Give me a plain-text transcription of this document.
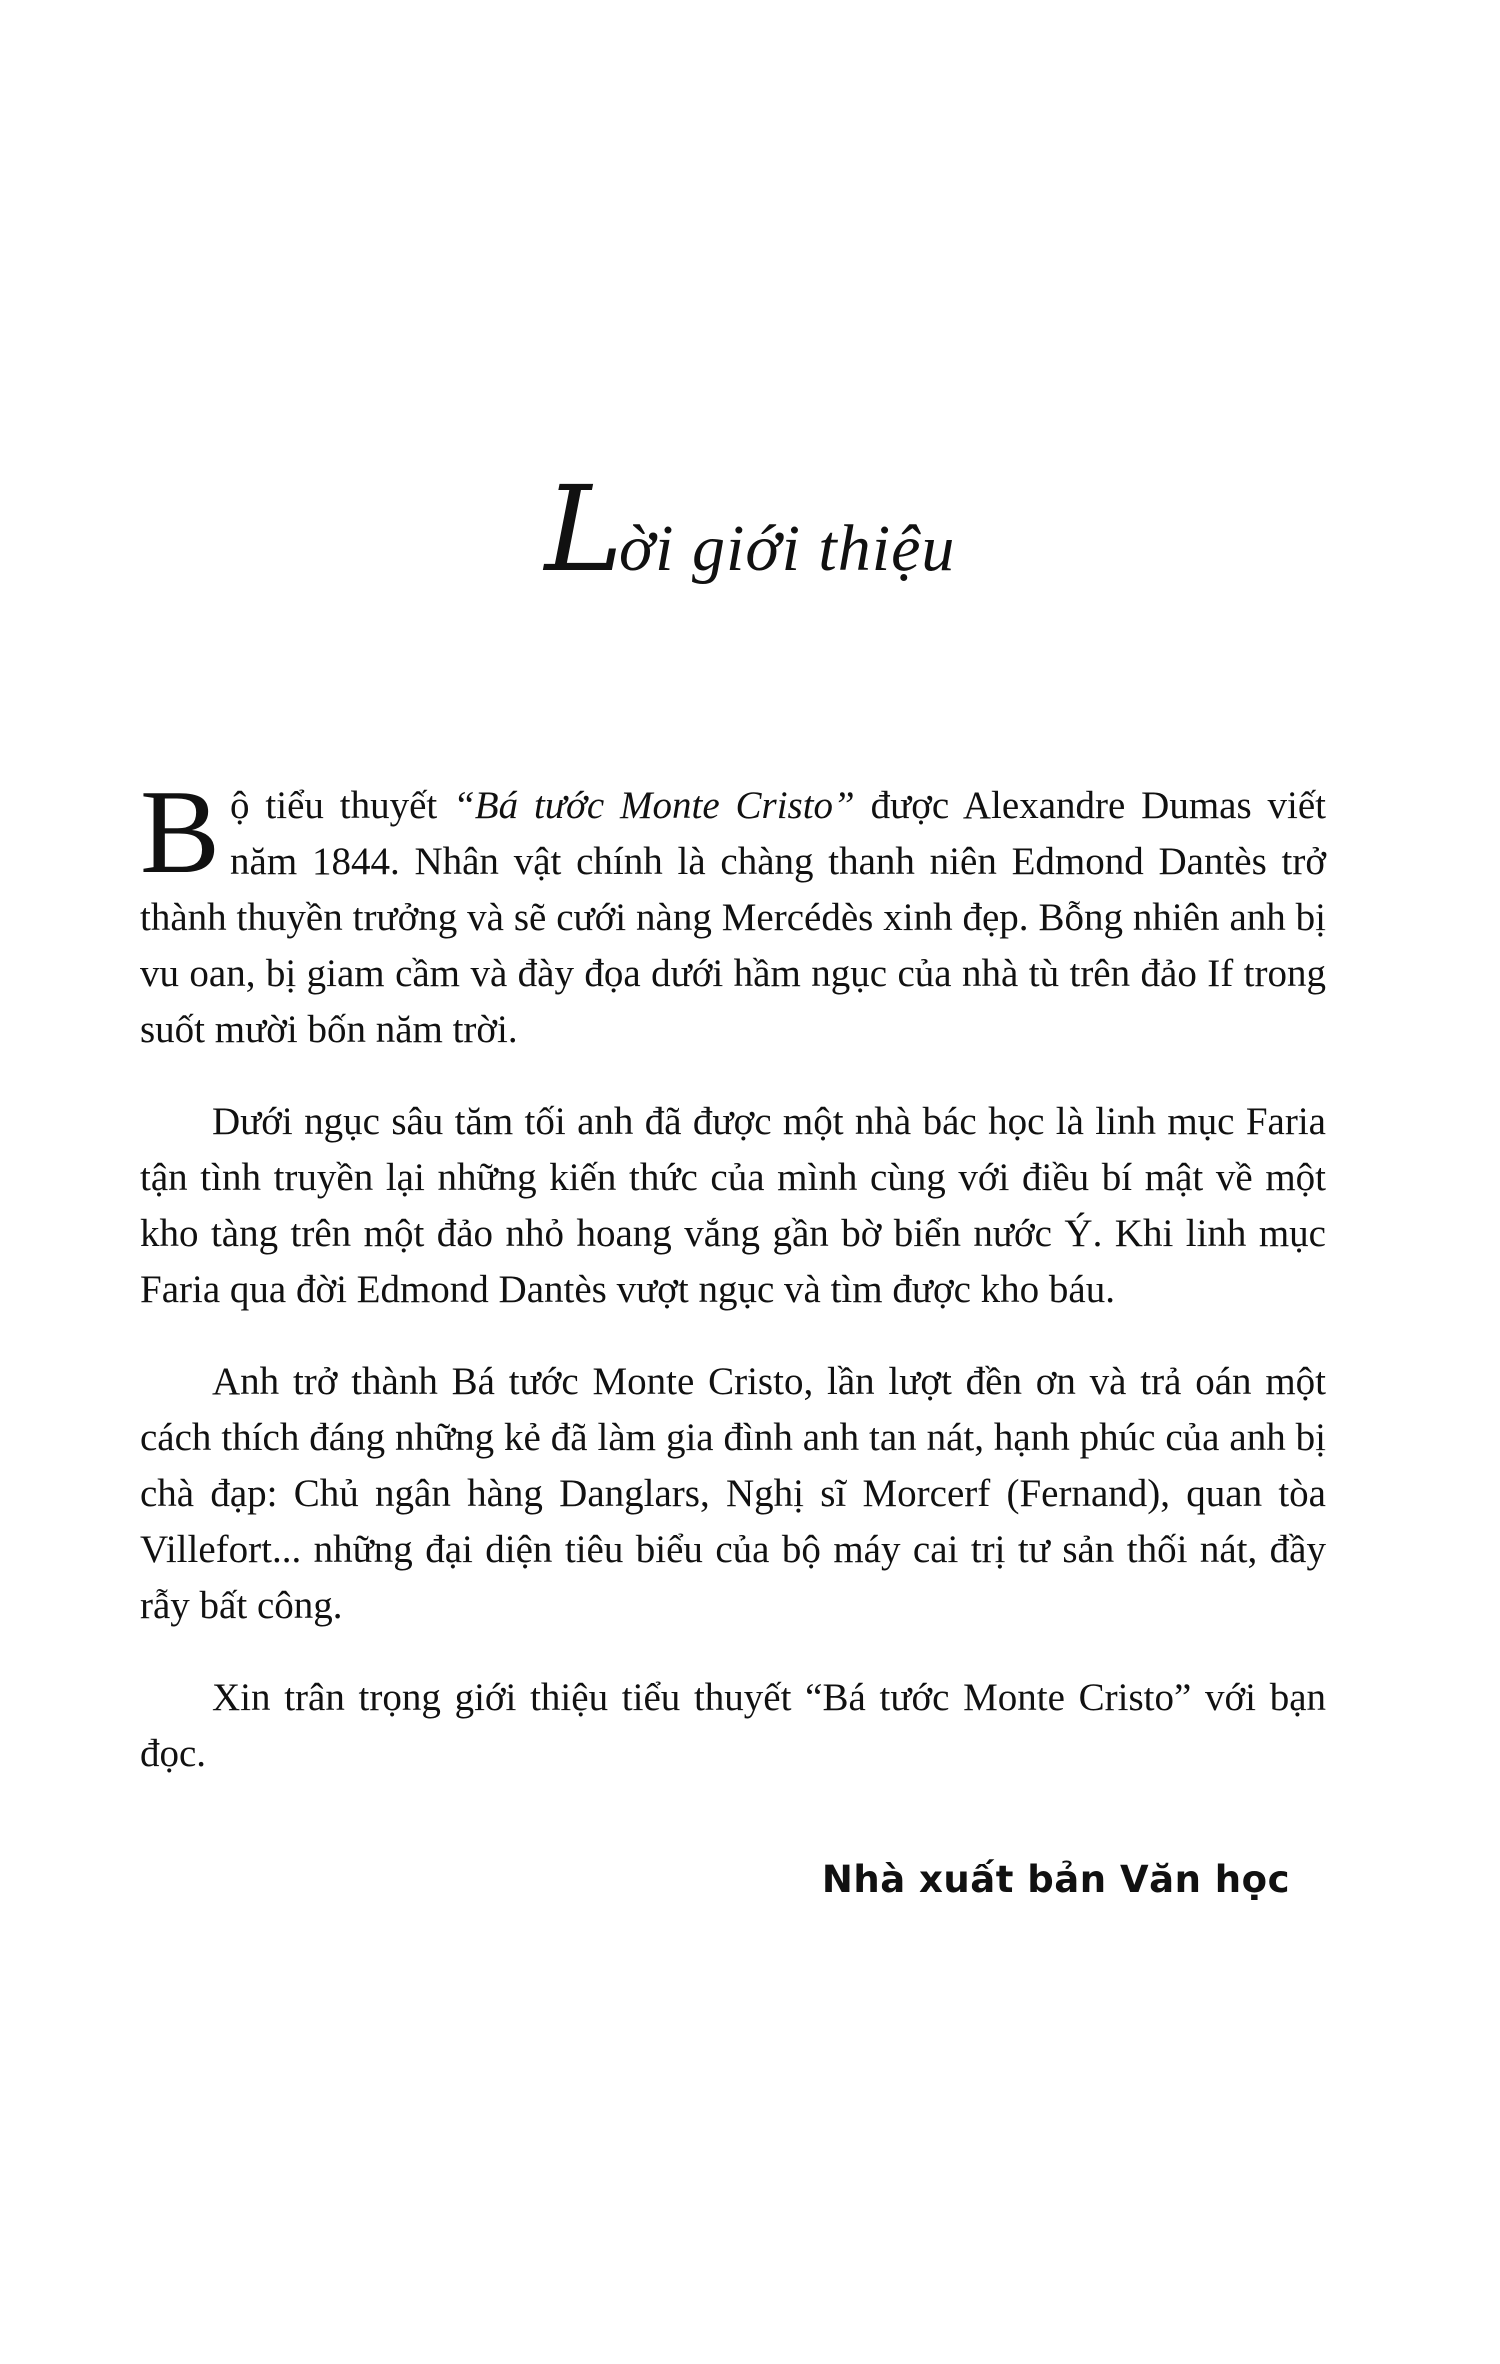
Lời giới thiệu

Bộ tiểu thuyết “Bá tước Monte Cristo” được Alexandre Dumas viết năm 1844. Nhân vật chính là chàng thanh niên Edmond Dantès trở thành thuyền trưởng và sẽ cưới nàng Mercédès xinh đẹp. Bỗng nhiên anh bị vu oan, bị giam cầm và đày đọa dưới hầm ngục của nhà tù trên đảo If trong suốt mười bốn năm trời.

Dưới ngục sâu tăm tối anh đã được một nhà bác học là linh mục Faria tận tình truyền lại những kiến thức của mình cùng với điều bí mật về một kho tàng trên một đảo nhỏ hoang vắng gần bờ biển nước Ý. Khi linh mục Faria qua đời Edmond Dantès vượt ngục và tìm được kho báu.

Anh trở thành Bá tước Monte Cristo, lần lượt đền ơn và trả oán một cách thích đáng những kẻ đã làm gia đình anh tan nát, hạnh phúc của anh bị chà đạp: Chủ ngân hàng Danglars, Nghị sĩ Morcerf (Fernand), quan tòa Villefort... những đại diện tiêu biểu của bộ máy cai trị tư sản thối nát, đầy rẫy bất công.

Xin trân trọng giới thiệu tiểu thuyết “Bá tước Monte Cristo” với bạn đọc.

Nhà xuất bản Văn học
